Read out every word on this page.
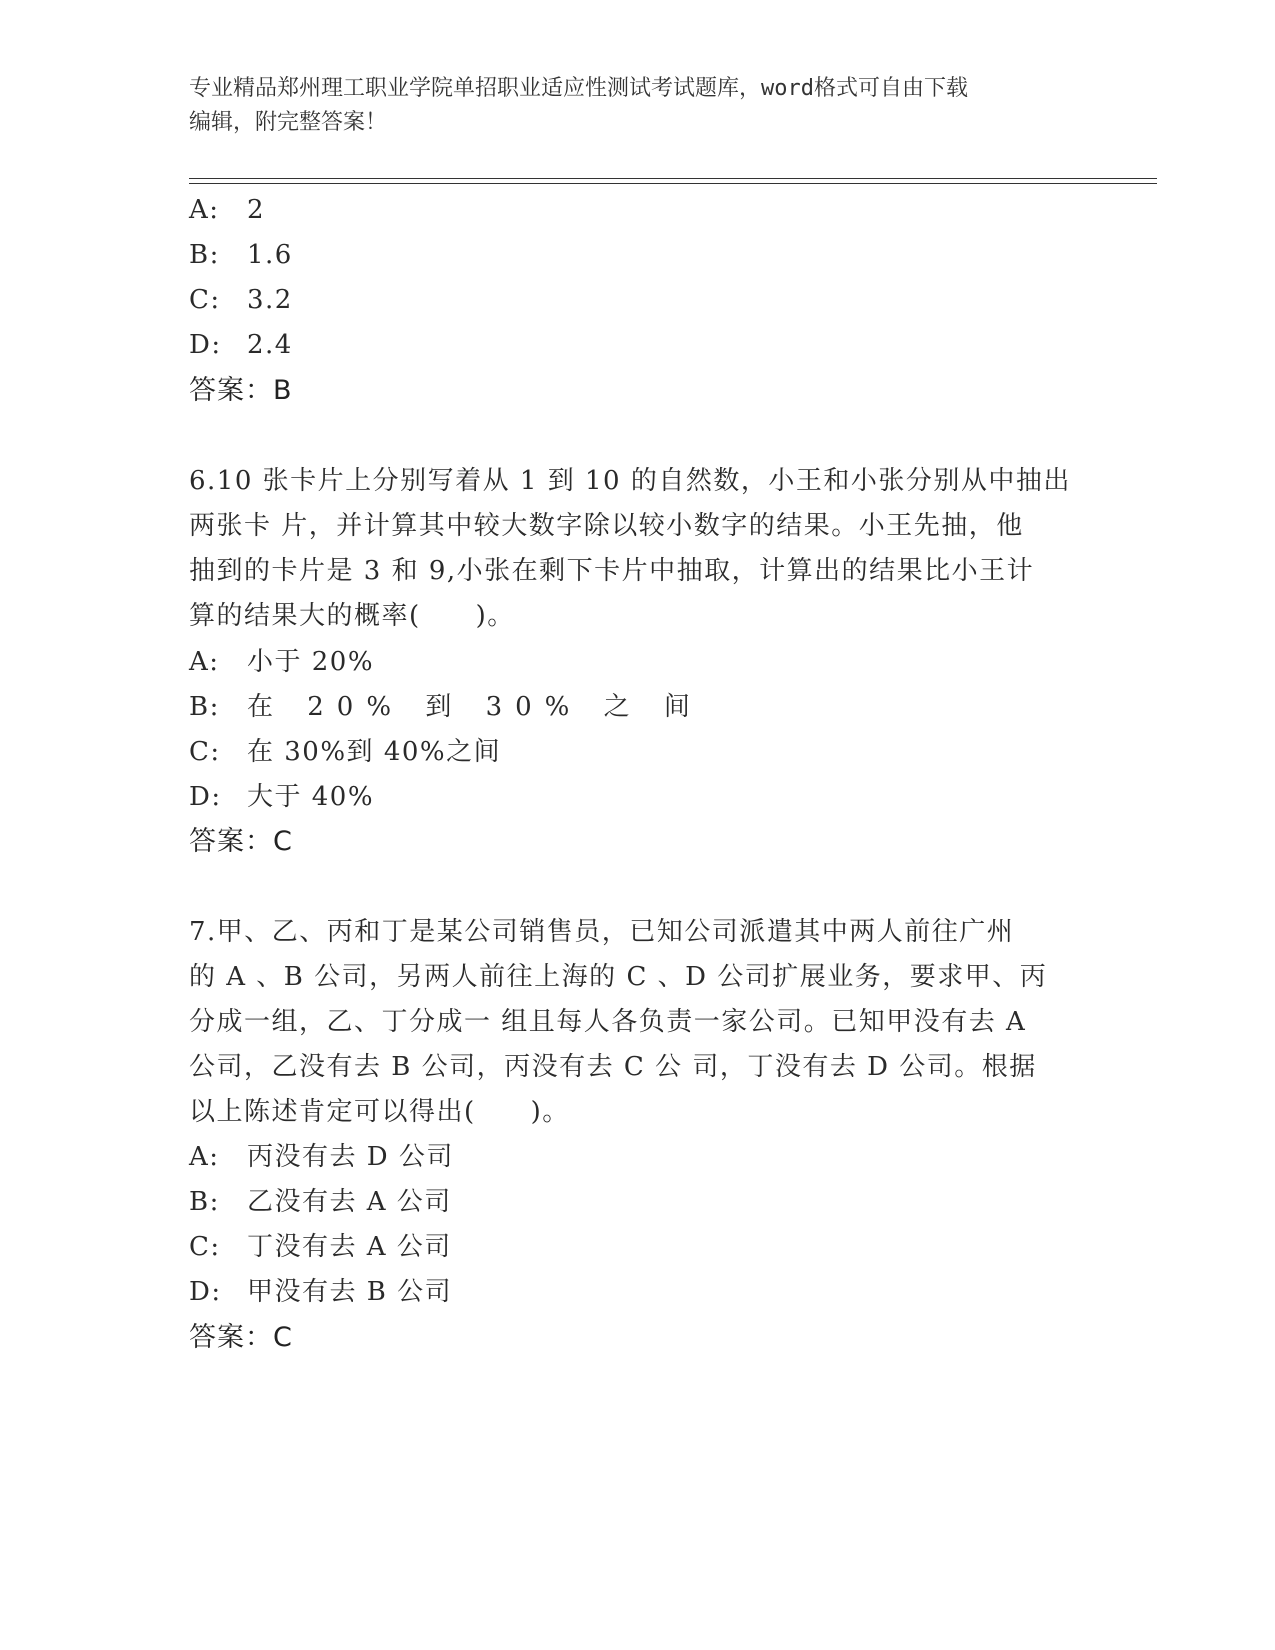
专业精品郑州理工职业学院单招职业适应性测试考试题库，word格式可自由下载
编辑，附完整答案！
A: 2
B: 1.6
C: 3.2
D: 2.4
答案：B
6.10 张卡片上分别写着从 1 到 10 的自然数，小王和小张分别从中抽出
两张卡 片，并计算其中较大数字除以较小数字的结果。小王先抽，他
抽到的卡片是 3 和 9,小张在剩下卡片中抽取，计算出的结果比小王计
算的结果大的概率(　　)。
A: 小于 20%
B: 在 20% 到 30% 之 间
C: 在 30%到 40%之间
D: 大于 40%
答案：C
7.甲、乙、丙和丁是某公司销售员，已知公司派遣其中两人前往广州
的 A 、B 公司，另两人前往上海的 C 、D 公司扩展业务，要求甲、丙
分成一组，乙、丁分成一 组且每人各负责一家公司。已知甲没有去 A
公司，乙没有去 B 公司，丙没有去 C 公 司，丁没有去 D 公司。根据
以上陈述肯定可以得出(　　)。
A: 丙没有去 D 公司
B: 乙没有去 A 公司
C: 丁没有去 A 公司
D: 甲没有去 B 公司
答案：C
